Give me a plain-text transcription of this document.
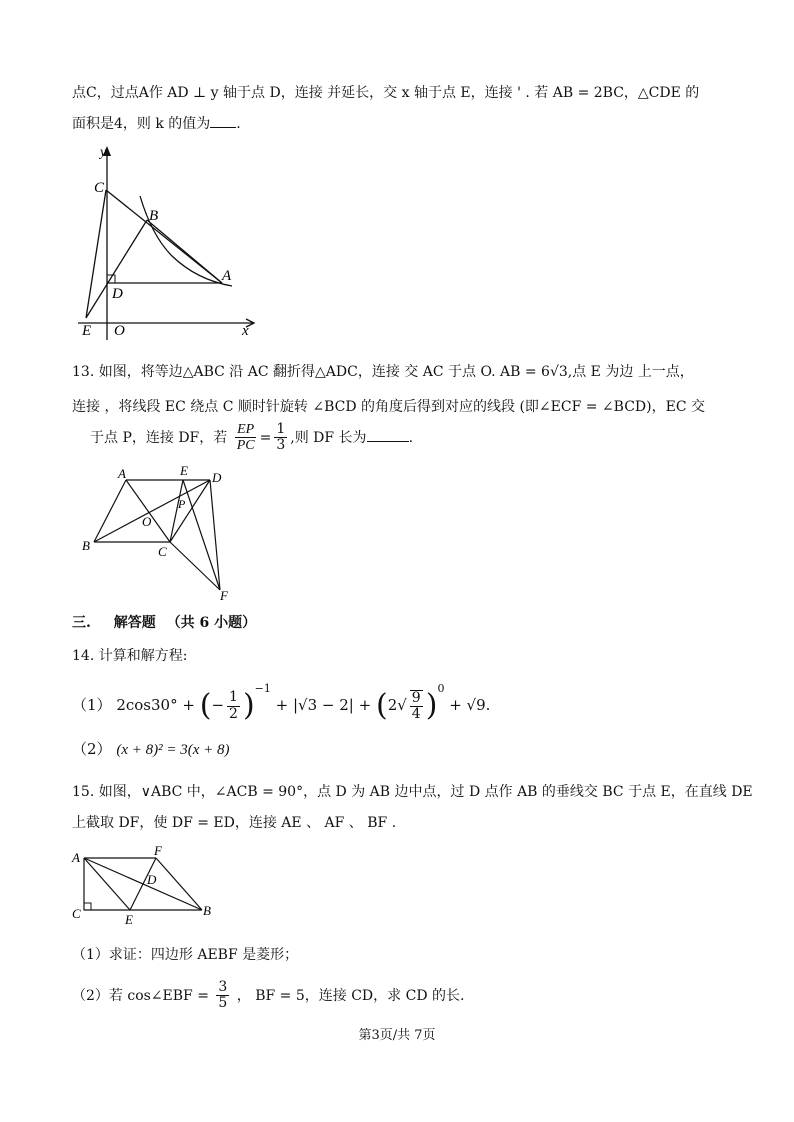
点C，过点A作 AD ⊥ y 轴于点 D，连接 并延长，交 x 轴于点 E，连接 ' . 若 AB = 2BC，△CDE 的
面积是4，则 k 的值为 .
y
C
B
A
D
E O	x
13. 如图，将等边△ABC 沿 AC 翻折得△ADC，连接 交 AC 于点 O. AB = 6√3,点 E 为边 上一点，
连接 ，将线段 EC 绕点 C 顺时针旋转 ∠BCD 的角度后得到对应的线段 (即∠ECF = ∠BCD)，EC 交
于点 P，连接 DF，若 $\frac{EP}{PC} = \frac{1}{3}$ ,则 DF 长为	.
A	E D
B	C
O
P
F
三. 解答题 （共 6 小题）
14. 计算和解方程:
（1） 2cos30° + (− $\frac{1}{2} )^{-1} + |√3 - 2| + (2√ \frac{9}{4} )^0 + √9$.
（2） (x + 8)² = 3(x + 8)
15. 如图，∨ABC 中，∠ACB = 90°，点 D 为 AB 边中点，过 D 点作 AB 的垂线交 BC 于点 E，在直线 DE
上截取 DF，使 DF = ED，连接 AE 、 AF 、 BF .
A	F
D
C	E
B
（1）求证：四边形 AEBF 是菱形；
（2）若 cos∠EBF = $\frac{3}{5}$ ， BF = 5，连接 CD，求 CD 的长.
第3页/共 7页
